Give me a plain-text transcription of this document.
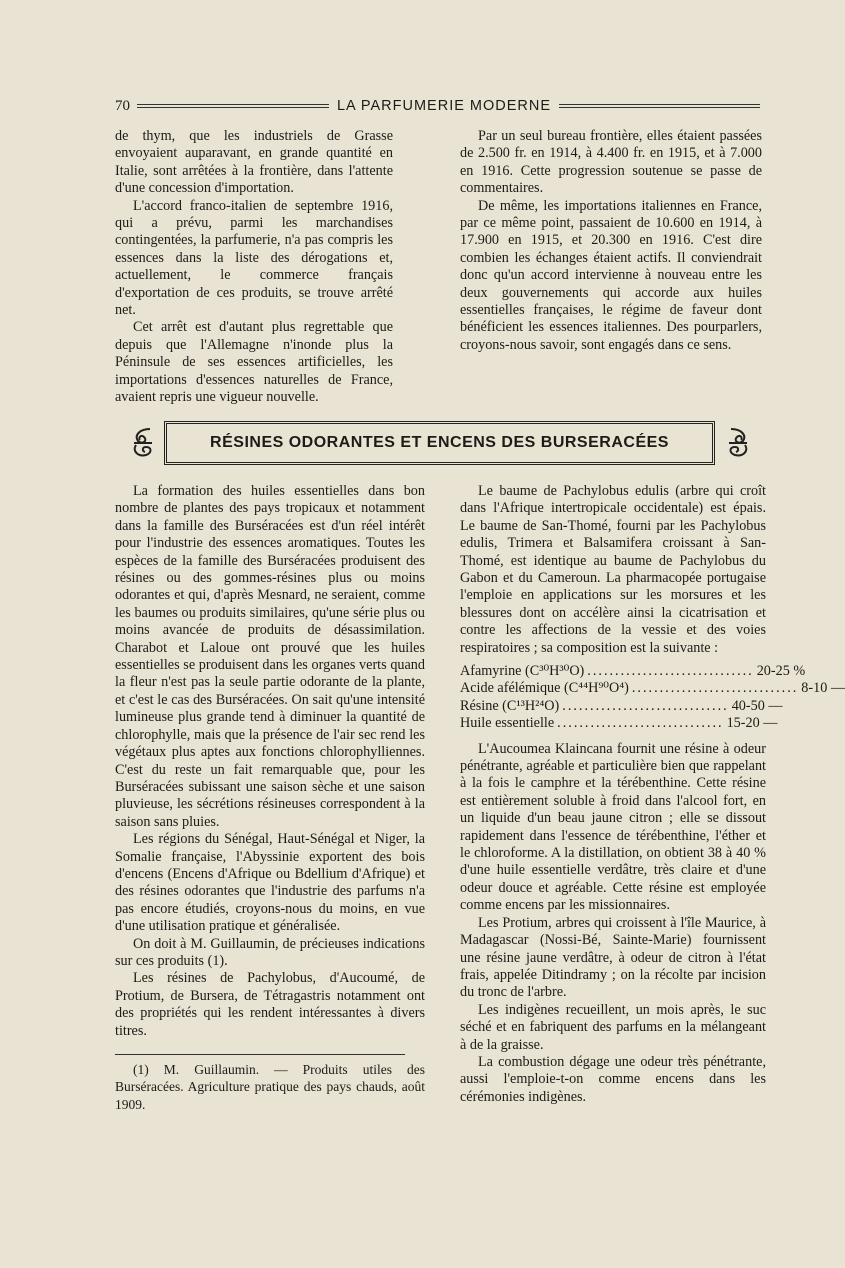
70	LA PARFUMERIE MODERNE

de thym, que les industriels de Grasse envoyaient auparavant, en grande quantité en Italie, sont arrêtées à la frontière, dans l'attente d'une concession d'importation.

L'accord franco-italien de septembre 1916, qui a prévu, parmi les marchandises contingentées, la parfumerie, n'a pas compris les essences dans la liste des dérogations et, actuellement, le commerce français d'exportation de ces produits, se trouve arrêté net.

Cet arrêt est d'autant plus regrettable que depuis que l'Allemagne n'inonde plus la Péninsule de ses essences artificielles, les importations d'essences naturelles de France, avaient repris une vigueur nouvelle.

Par un seul bureau frontière, elles étaient passées de 2.500 fr. en 1914, à 4.400 fr. en 1915, et à 7.000 en 1916. Cette progression soutenue se passe de commentaires.

De même, les importations italiennes en France, par ce même point, passaient de 10.600 en 1914, à 17.900 en 1915, et 20.300 en 1916. C'est dire combien les échanges étaient actifs. Il conviendrait donc qu'un accord intervienne à nouveau entre les deux gouvernements qui accorde aux huiles essentielles françaises, le régime de faveur dont bénéficient les essences italiennes. Des pourparlers, croyons-nous savoir, sont engagés dans ce sens.

RÉSINES ODORANTES ET ENCENS DES BURSERACÉES

La formation des huiles essentielles dans bon nombre de plantes des pays tropicaux et notamment dans la famille des Burséracées est d'un réel intérêt pour l'industrie des essences aromatiques. Toutes les espèces de la famille des Burséracées produisent des résines ou des gommes-résines plus ou moins odorantes et qui, d'après Mesnard, ne seraient, comme les baumes ou produits similaires, qu'une série plus ou moins avancée de produits de désassimilation. Charabot et Laloue ont prouvé que les huiles essentielles se produisent dans les organes verts quand la fleur n'est pas la seule partie odorante de la plante, et c'est le cas des Burséracées. On sait qu'une intensité lumineuse plus grande tend à diminuer la quantité de chlorophylle, mais que la présence de l'air sec rend les végétaux plus aptes aux fonctions chlorophylliennes. C'est du reste un fait remarquable que, pour les Burséracées subissant une saison sèche et une saison pluvieuse, les sécrétions résineuses correspondent à la saison sans pluies.

Les régions du Sénégal, Haut-Sénégal et Niger, la Somalie française, l'Abyssinie exportent des bois d'encens (Encens d'Afrique ou Bdellium d'Afrique) et des résines odorantes que l'industrie des parfums n'a pas encore étudiés, croyons-nous du moins, en vue d'une utilisation pratique et généralisée.

On doit à M. Guillaumin, de précieuses indications sur ces produits (1).

Les résines de Pachylobus, d'Aucoumé, de Protium, de Bursera, de Tétragastris notamment ont des propriétés qui les rendent intéressantes à divers titres.

(1) M. Guillaumin. — Produits utiles des Burséracées. Agriculture pratique des pays chauds, août 1909.

Le baume de Pachylobus edulis (arbre qui croît dans l'Afrique intertropicale occidentale) est épais. Le baume de San-Thomé, fourni par les Pachylobus edulis, Trimera et Balsamifera croissant à San-Thomé, est identique au baume de Pachylobus du Gabon et du Cameroun. La pharmacopée portugaise l'emploie en applications sur les morsures et les blessures dont on accélère ainsi la cicatrisation et contre les affections de la vessie et des voies respiratoires ; sa composition est la suivante :

Afamyrine (C³⁰H³⁰O) .............................. 20-25 %
Acide afélémique (C⁴⁴H⁹⁰O⁴) .............................. 8-10 —
Résine (C¹³H²⁴O) .............................. 40-50 —
Huile essentielle .............................. 15-20 —

L'Aucoumea Klaincana fournit une résine à odeur pénétrante, agréable et particulière bien que rappelant à la fois le camphre et la térébenthine. Cette résine est entièrement soluble à froid dans l'alcool fort, en un liquide d'un beau jaune citron ; elle se dissout rapidement dans l'essence de térébenthine, l'éther et le chloroforme. A la distillation, on obtient 38 à 40 % d'une huile essentielle verdâtre, très claire et d'une odeur douce et agréable. Cette résine est employée comme encens par les missionnaires.

Les Protium, arbres qui croissent à l'île Maurice, à Madagascar (Nossi-Bé, Sainte-Marie) fournissent une résine jaune verdâtre, à odeur de citron à l'état frais, appelée Ditindramy ; on la récolte par incision du tronc de l'arbre.

Les indigènes recueillent, un mois après, le suc séché et en fabriquent des parfums en la mélangeant à de la graisse.

La combustion dégage une odeur très pénétrante, aussi l'emploie-t-on comme encens dans les cérémonies indigènes.
